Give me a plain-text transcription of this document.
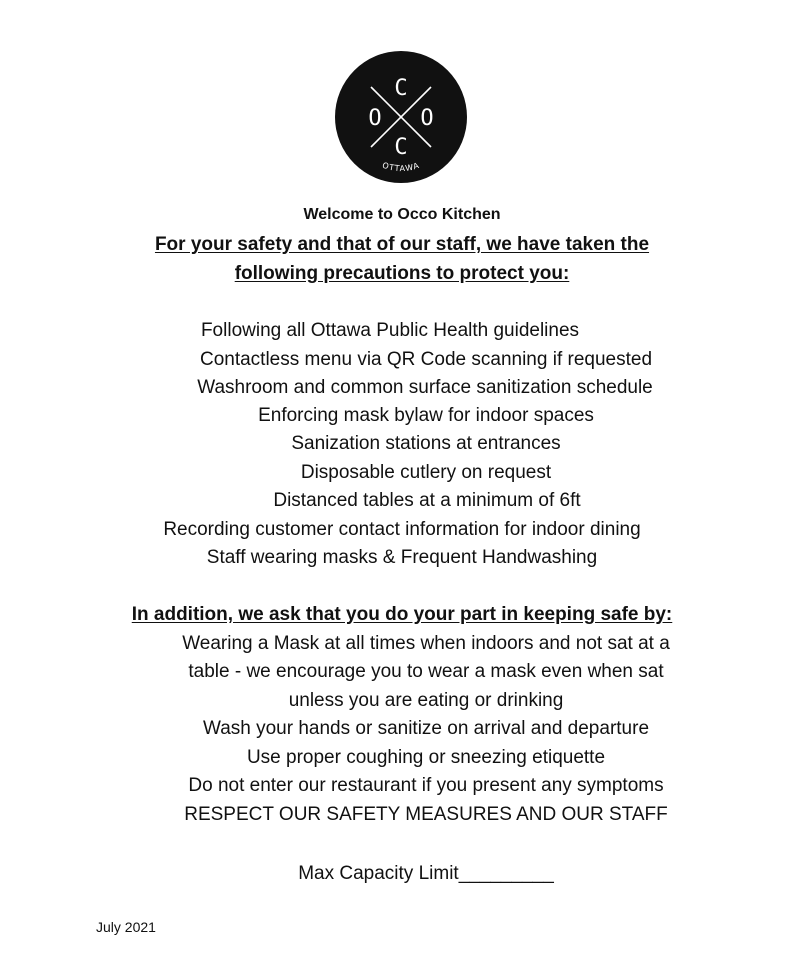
C
O O
C
OTTAWA
Welcome to Occo Kitchen
For your safety and that of our staff, we have taken the
following precautions to protect you:
Following all Ottawa Public Health guidelines
Contactless menu via QR Code scanning if requested
Washroom and common surface sanitization schedule
Enforcing mask bylaw for indoor spaces
Sanization stations at entrances
Disposable cutlery on request
Distanced tables at a minimum of 6ft
Recording customer contact information for indoor dining
Staff wearing masks & Frequent Handwashing
In addition, we ask that you do your part in keeping safe by:
Wearing a Mask at all times when indoors and not sat at a
table - we encourage you to wear a mask even when sat
unless you are eating or drinking
Wash your hands or sanitize on arrival and departure
Use proper coughing or sneezing etiquette
Do not enter our restaurant if you present any symptoms
RESPECT OUR SAFETY MEASURES AND OUR STAFF
Max Capacity Limit_________
July 2021
